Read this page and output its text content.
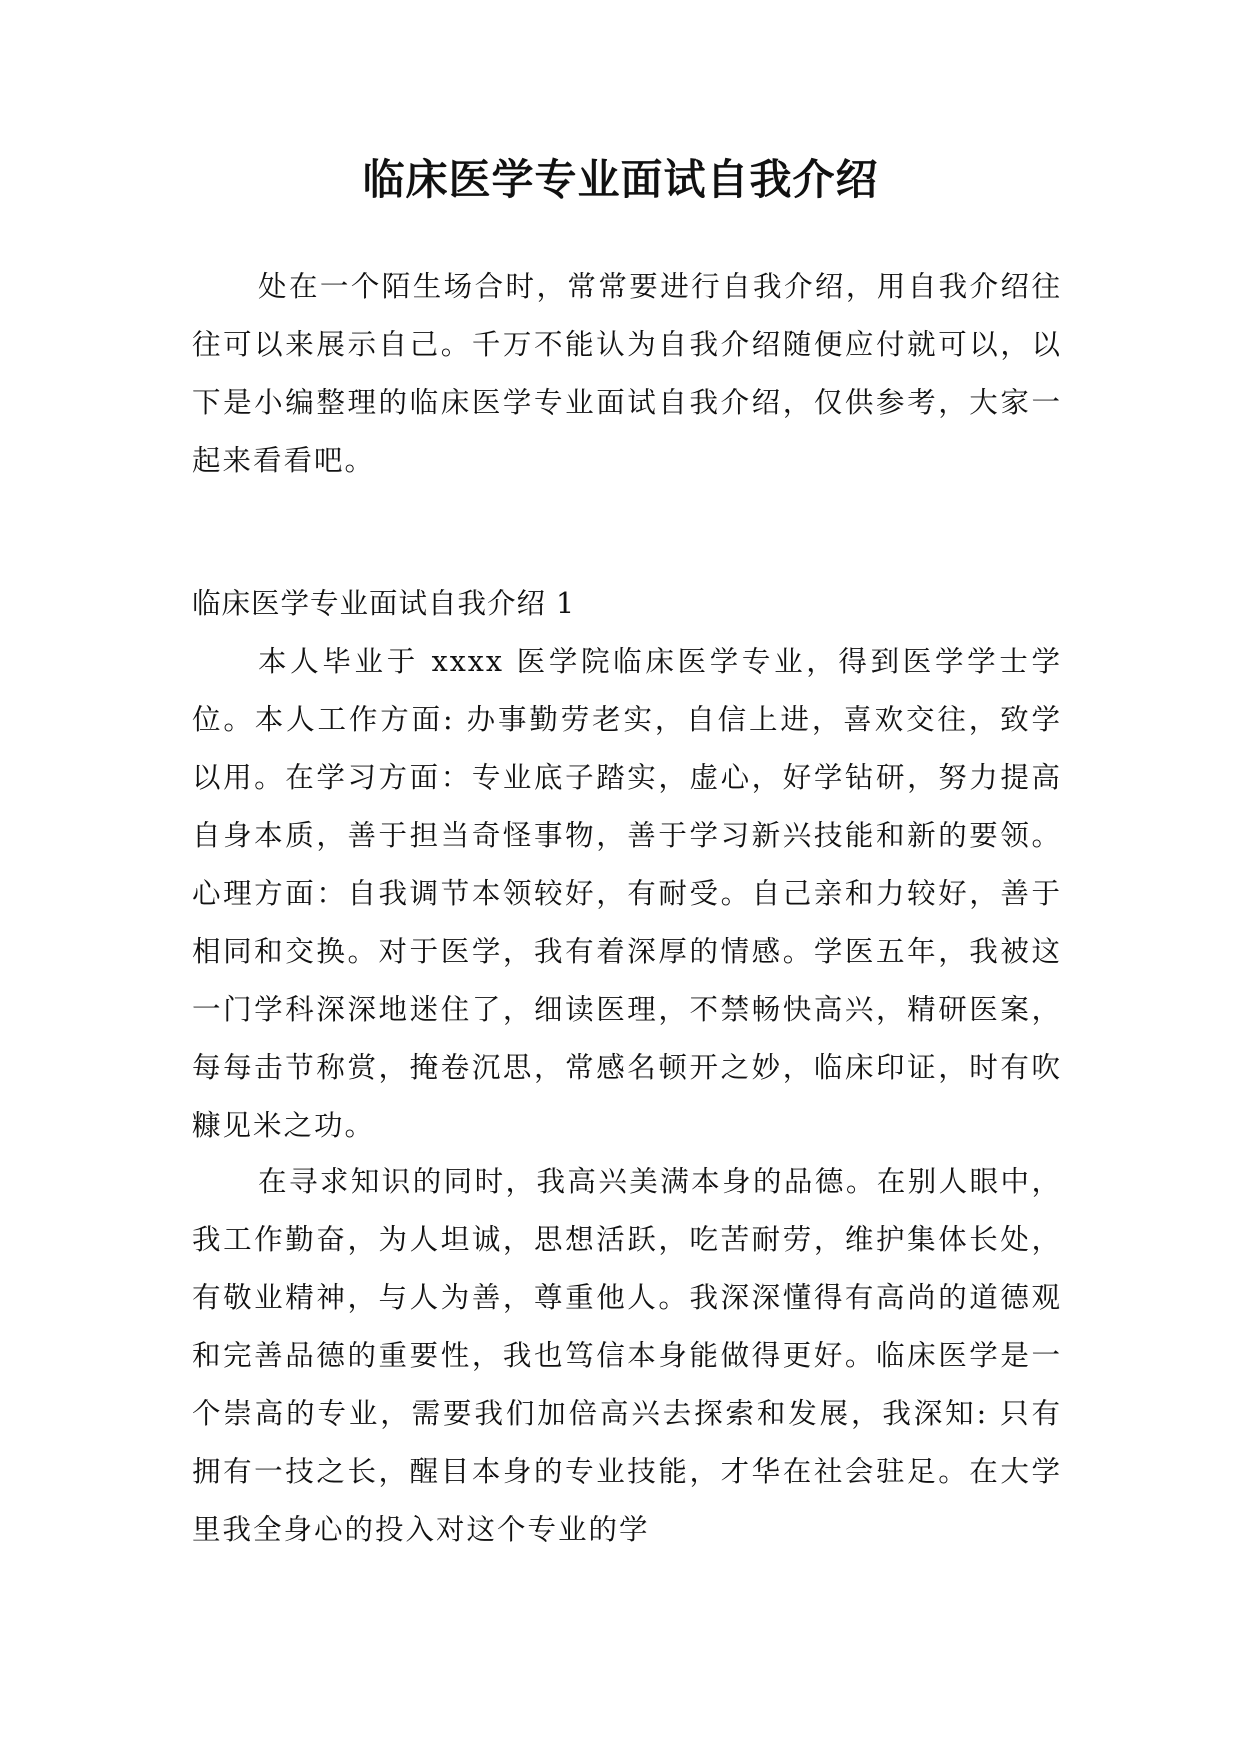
临床医学专业面试自我介绍

处在一个陌生场合时，常常要进行自我介绍，用自我介绍往往可以来展示自己。千万不能认为自我介绍随便应付就可以，以下是小编整理的临床医学专业面试自我介绍，仅供参考，大家一起来看看吧。

临床医学专业面试自我介绍 1

本人毕业于 xxxx 医学院临床医学专业，得到医学学士学位。本人工作方面: 办事勤劳老实，自信上进，喜欢交往，致学以用。在学习方面：专业底子踏实，虚心，好学钻研，努力提高自身本质，善于担当奇怪事物，善于学习新兴技能和新的要领。心理方面：自我调节本领较好，有耐受。自己亲和力较好，善于相同和交换。对于医学，我有着深厚的情感。学医五年，我被这一门学科深深地迷住了，细读医理，不禁畅快高兴，精研医案，每每击节称赏，掩卷沉思，常感名顿开之妙，临床印证，时有吹糠见米之功。

在寻求知识的同时，我高兴美满本身的品德。在别人眼中，我工作勤奋，为人坦诚，思想活跃，吃苦耐劳，维护集体长处，有敬业精神，与人为善，尊重他人。我深深懂得有高尚的道德观和完善品德的重要性，我也笃信本身能做得更好。临床医学是一个崇高的专业，需要我们加倍高兴去探索和发展，我深知: 只有拥有一技之长，醒目本身的专业技能，才华在社会驻足。在大学里我全身心的投入对这个专业的学
